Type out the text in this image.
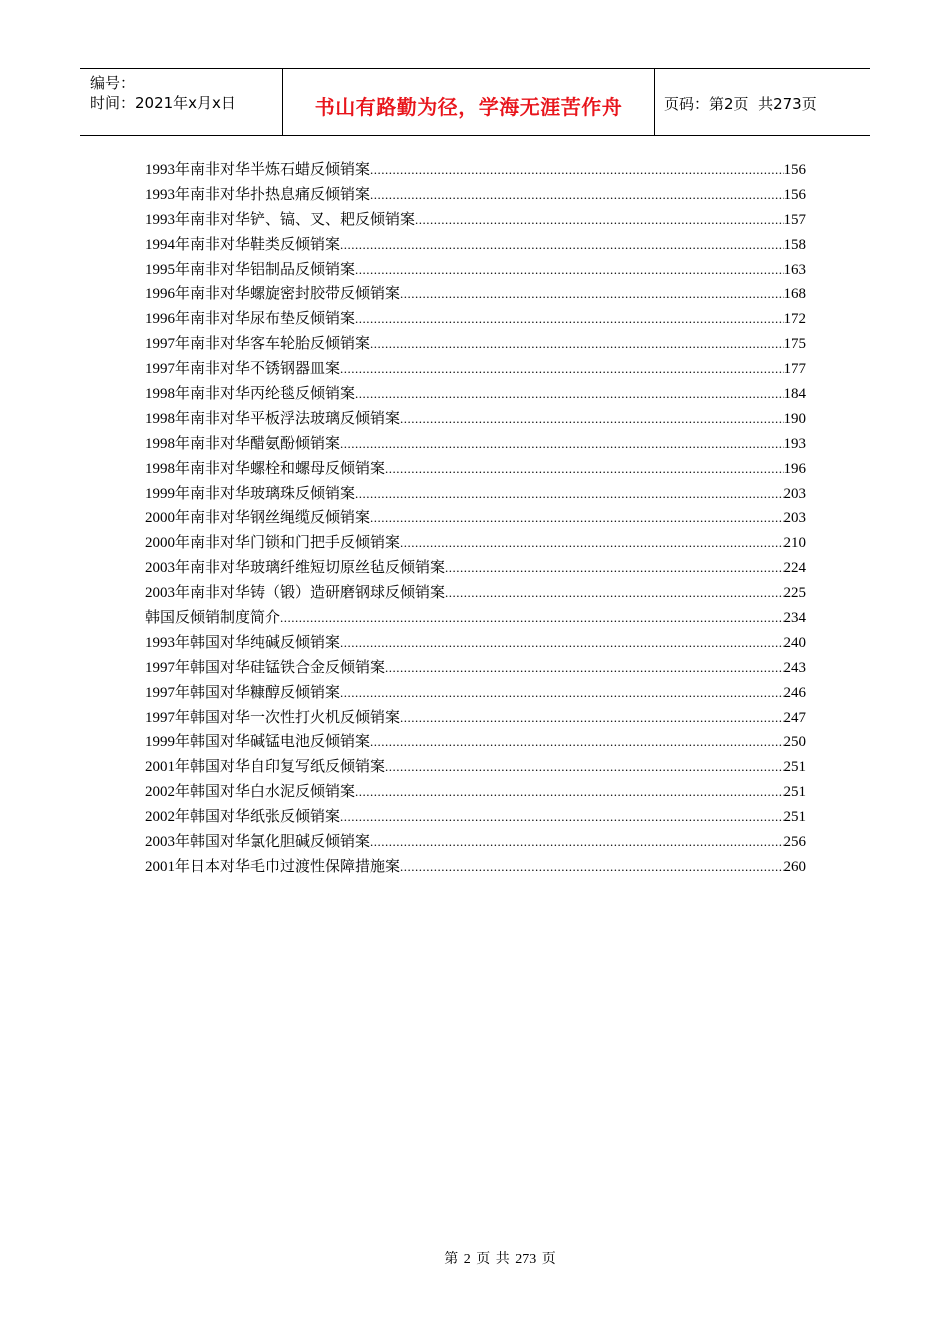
编号：
时间：2021年x月x日	书山有路勤为径，学海无涯苦作舟	页码：第2页  共273页
1993年南非对华半炼石蜡反倾销案 .....	156
1993年南非对华扑热息痛反倾销案 .....	156
1993年南非对华铲、镐、叉、耙反倾销案 .....	157
1994年南非对华鞋类反倾销案 .....	158
1995年南非对华铝制品反倾销案 .....	163
1996年南非对华螺旋密封胶带反倾销案 .....	168
1996年南非对华尿布垫反倾销案 .....	172
1997年南非对华客车轮胎反倾销案 .....	175
1997年南非对华不锈钢器皿案 .....	177
1998年南非对华丙纶毯反倾销案 .....	184
1998年南非对华平板浮法玻璃反倾销案 .....	190
1998年南非对华醋氨酚倾销案 .....	193
1998年南非对华螺栓和螺母反倾销案 .....	196
1999年南非对华玻璃珠反倾销案 .....	203
2000年南非对华钢丝绳缆反倾销案 .....	203
2000年南非对华门锁和门把手反倾销案 .....	210
2003年南非对华玻璃纤维短切原丝毡反倾销案 .....	224
2003年南非对华铸（锻）造研磨钢球反倾销案 .....	225
韩国反倾销制度简介 .....	234
1993年韩国对华纯碱反倾销案 .....	240
1997年韩国对华硅锰铁合金反倾销案 .....	243
1997年韩国对华糠醇反倾销案 .....	246
1997年韩国对华一次性打火机反倾销案 .....	247
1999年韩国对华碱锰电池反倾销案 .....	250
2001年韩国对华自印复写纸反倾销案 .....	251
2002年韩国对华白水泥反倾销案 .....	251
2002年韩国对华纸张反倾销案 .....	251
2003年韩国对华氯化胆碱反倾销案 .....	256
2001年日本对华毛巾过渡性保障措施案 .....	260
第 2 页 共 273 页
